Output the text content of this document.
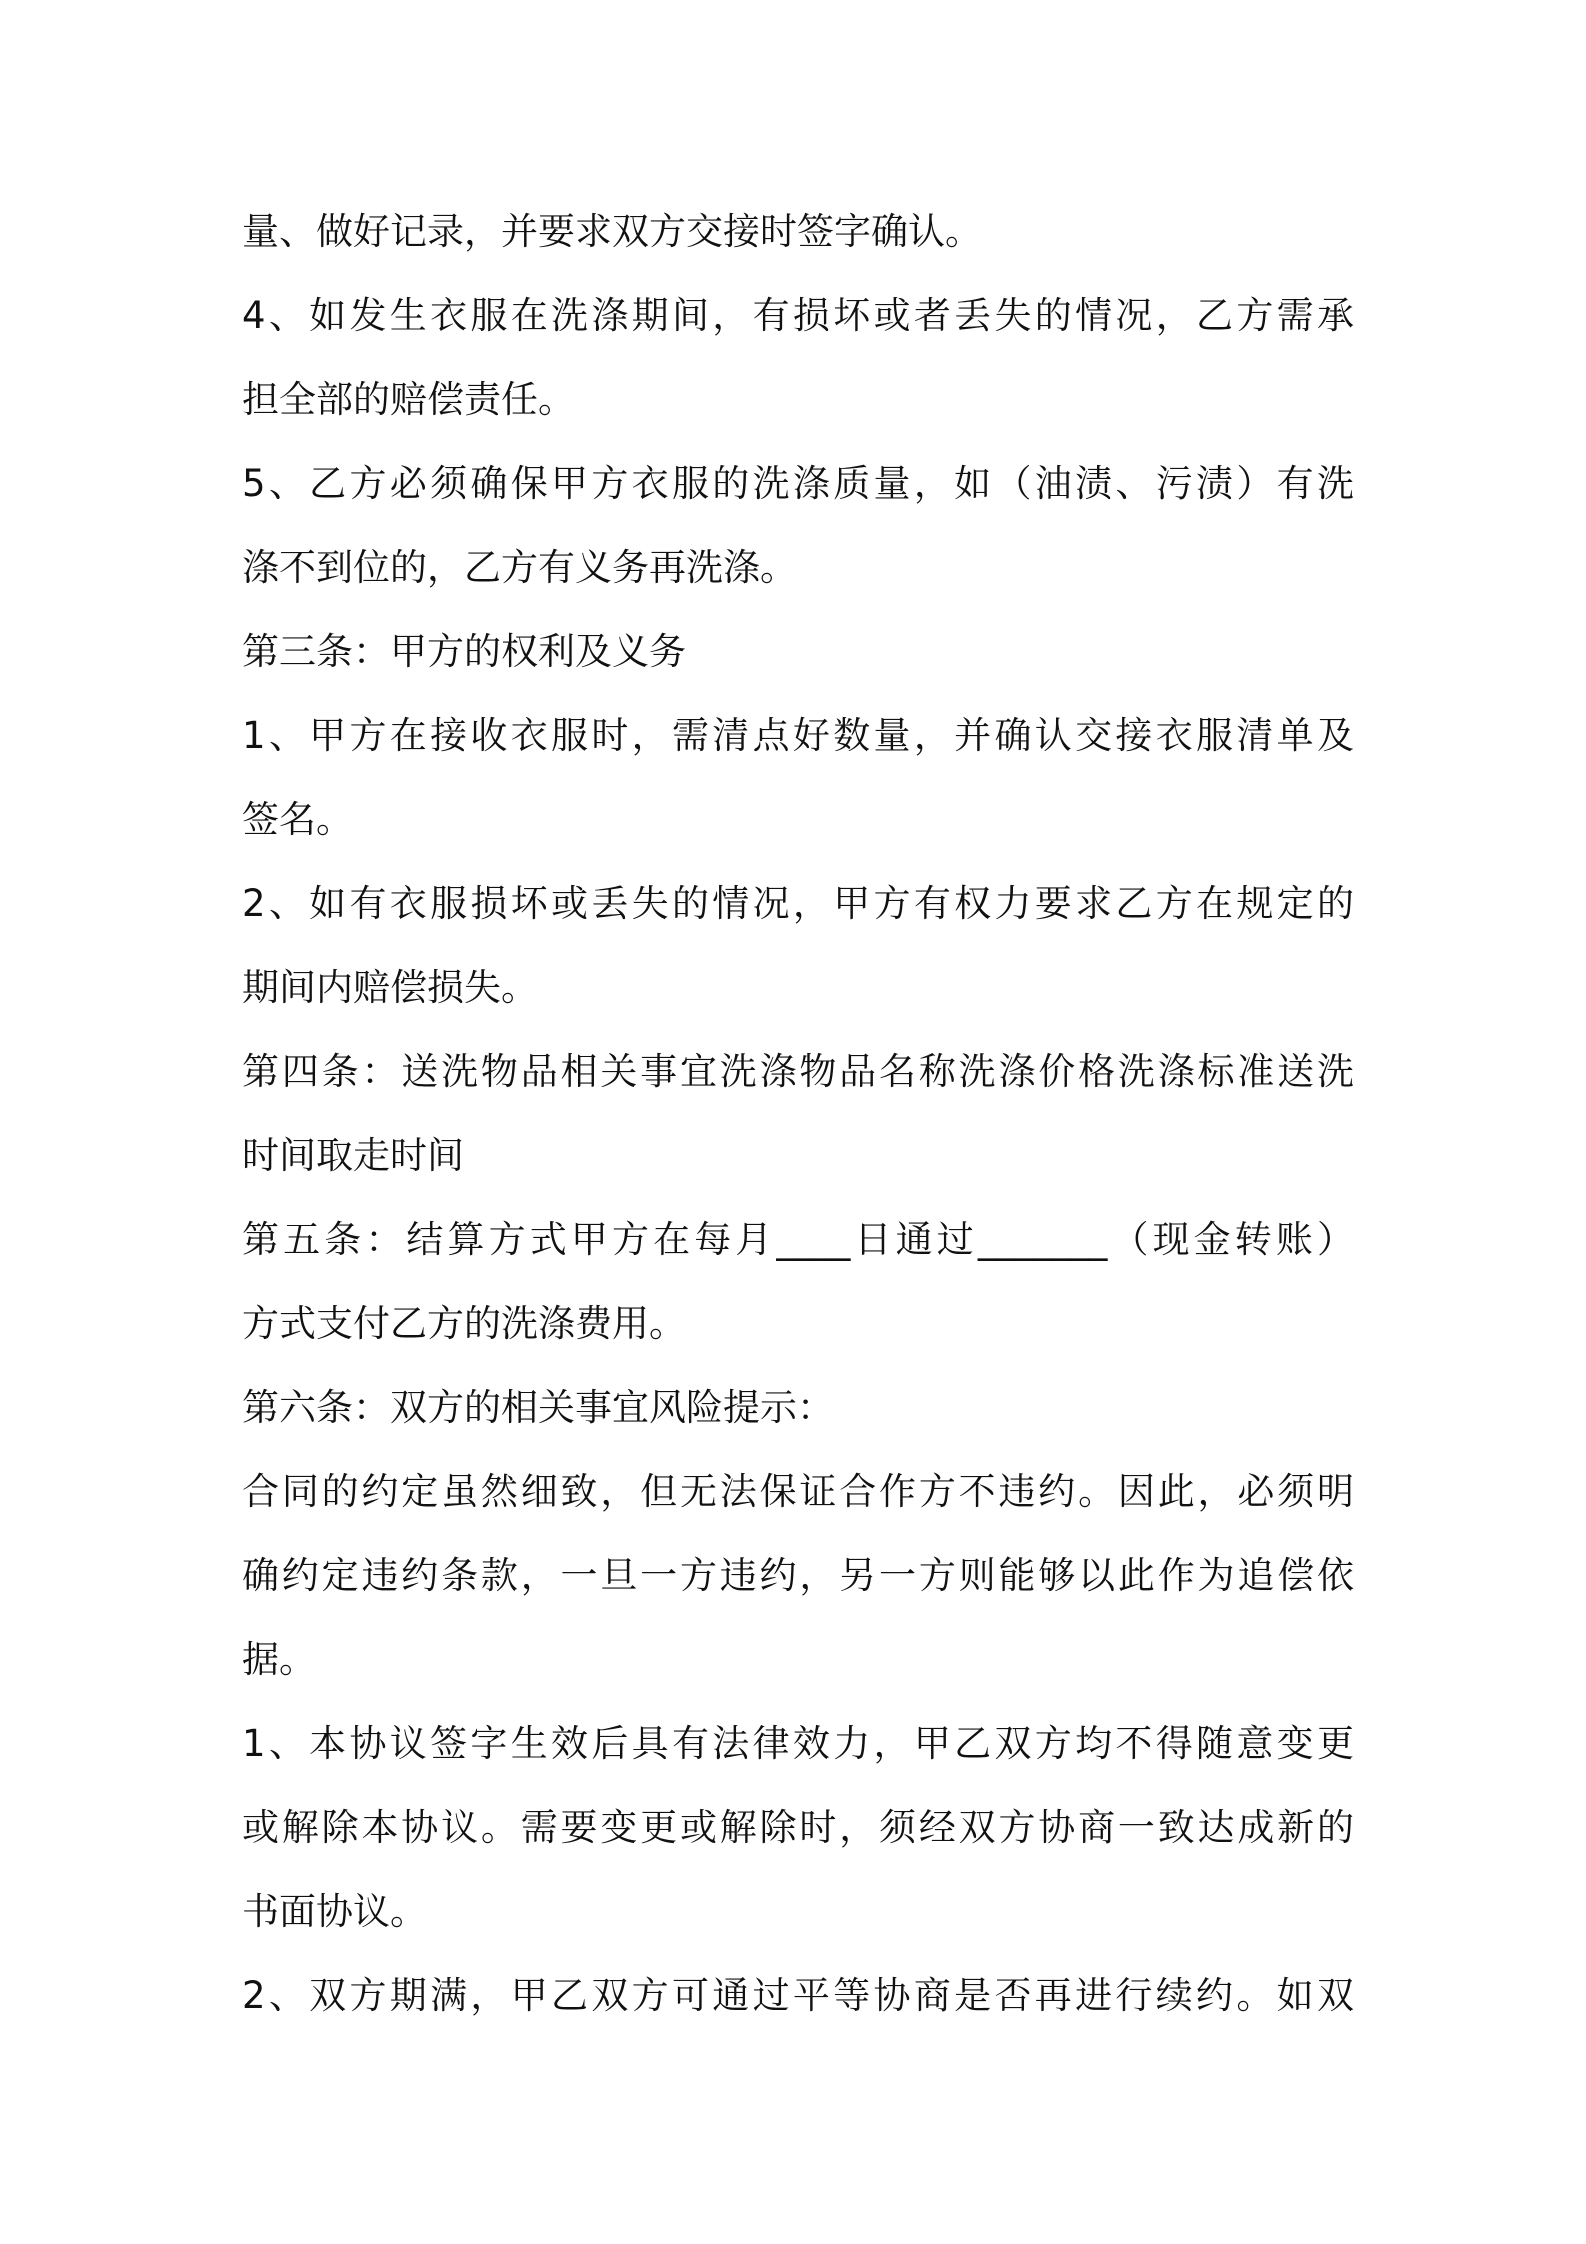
量、做好记录，并要求双方交接时签字确认。
4、如发生衣服在洗涤期间，有损坏或者丢失的情况，乙方需承
担全部的赔偿责任。
5、乙方必须确保甲方衣服的洗涤质量，如（油渍、污渍）有洗
涤不到位的，乙方有义务再洗涤。
第三条：甲方的权利及义务
1、甲方在接收衣服时，需清点好数量，并确认交接衣服清单及
签名。
2、如有衣服损坏或丢失的情况，甲方有权力要求乙方在规定的
期间内赔偿损失。
第四条：送洗物品相关事宜洗涤物品名称洗涤价格洗涤标准送洗
时间取走时间
第五条：结算方式甲方在每月____日通过_______（现金转账）
方式支付乙方的洗涤费用。
第六条：双方的相关事宜风险提示：
合同的约定虽然细致，但无法保证合作方不违约。因此，必须明
确约定违约条款，一旦一方违约，另一方则能够以此作为追偿依
据。
1、本协议签字生效后具有法律效力，甲乙双方均不得随意变更
或解除本协议。需要变更或解除时，须经双方协商一致达成新的
书面协议。
2、双方期满，甲乙双方可通过平等协商是否再进行续约。如双
